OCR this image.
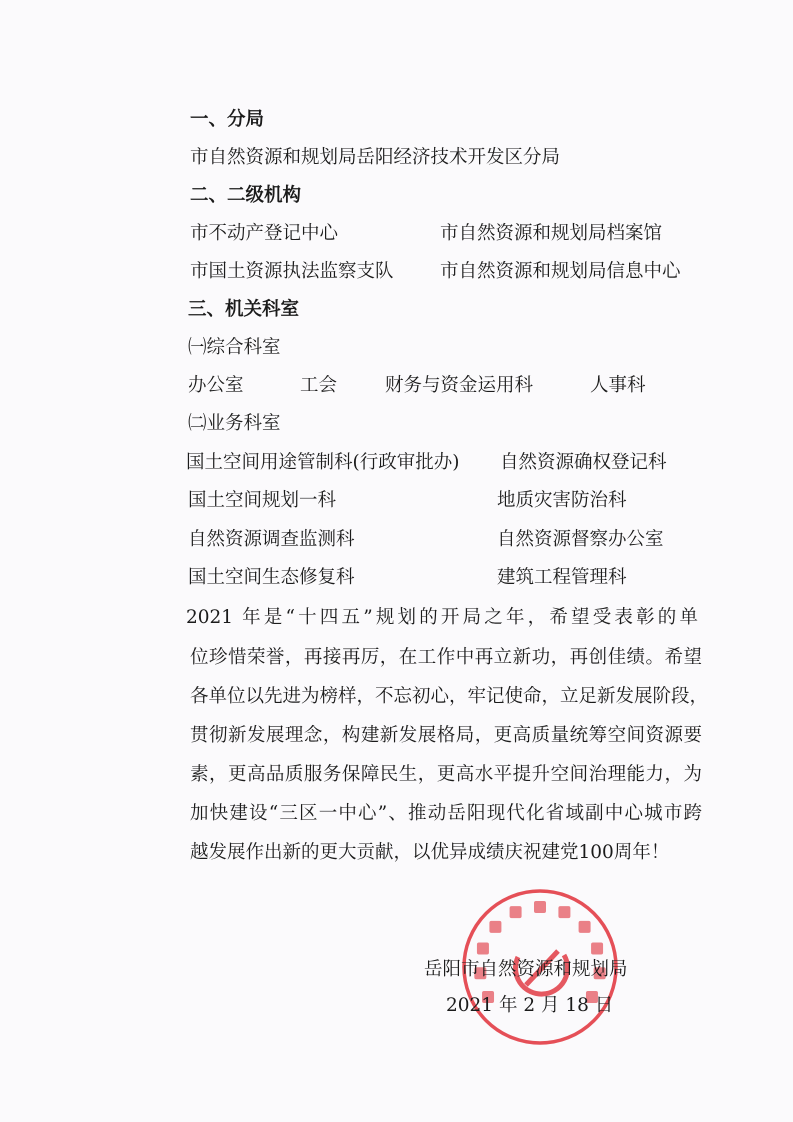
一、分局
市自然资源和规划局岳阳经济技术开发区分局
二、二级机构
市不动产登记中心	市自然资源和规划局档案馆
市国土资源执法监察支队	市自然资源和规划局信息中心
三、机关科室
㈠综合科室
办公室	工会	财务与资金运用科	人事科
㈡业务科室
国土空间用途管制科(行政审批办) 自然资源确权登记科
国土空间规划一科	地质灾害防治科
自然资源调查监测科	自然资源督察办公室
国土空间生态修复科	建筑工程管理科
2021 年是“十四五”规划的开局之年，希望受表彰的单
位珍惜荣誉，再接再厉，在工作中再立新功，再创佳绩。希望
各单位以先进为榜样，不忘初心，牢记使命，立足新发展阶段，
贯彻新发展理念，构建新发展格局，更高质量统筹空间资源要
素，更高品质服务保障民生，更高水平提升空间治理能力，为
加快建设“三区一中心”、推动岳阳现代化省域副中心城市跨
越发展作出新的更大贡献，以优异成绩庆祝建党100周年！
岳阳市自然资源和规划局
2021 年 2 月 18 日
